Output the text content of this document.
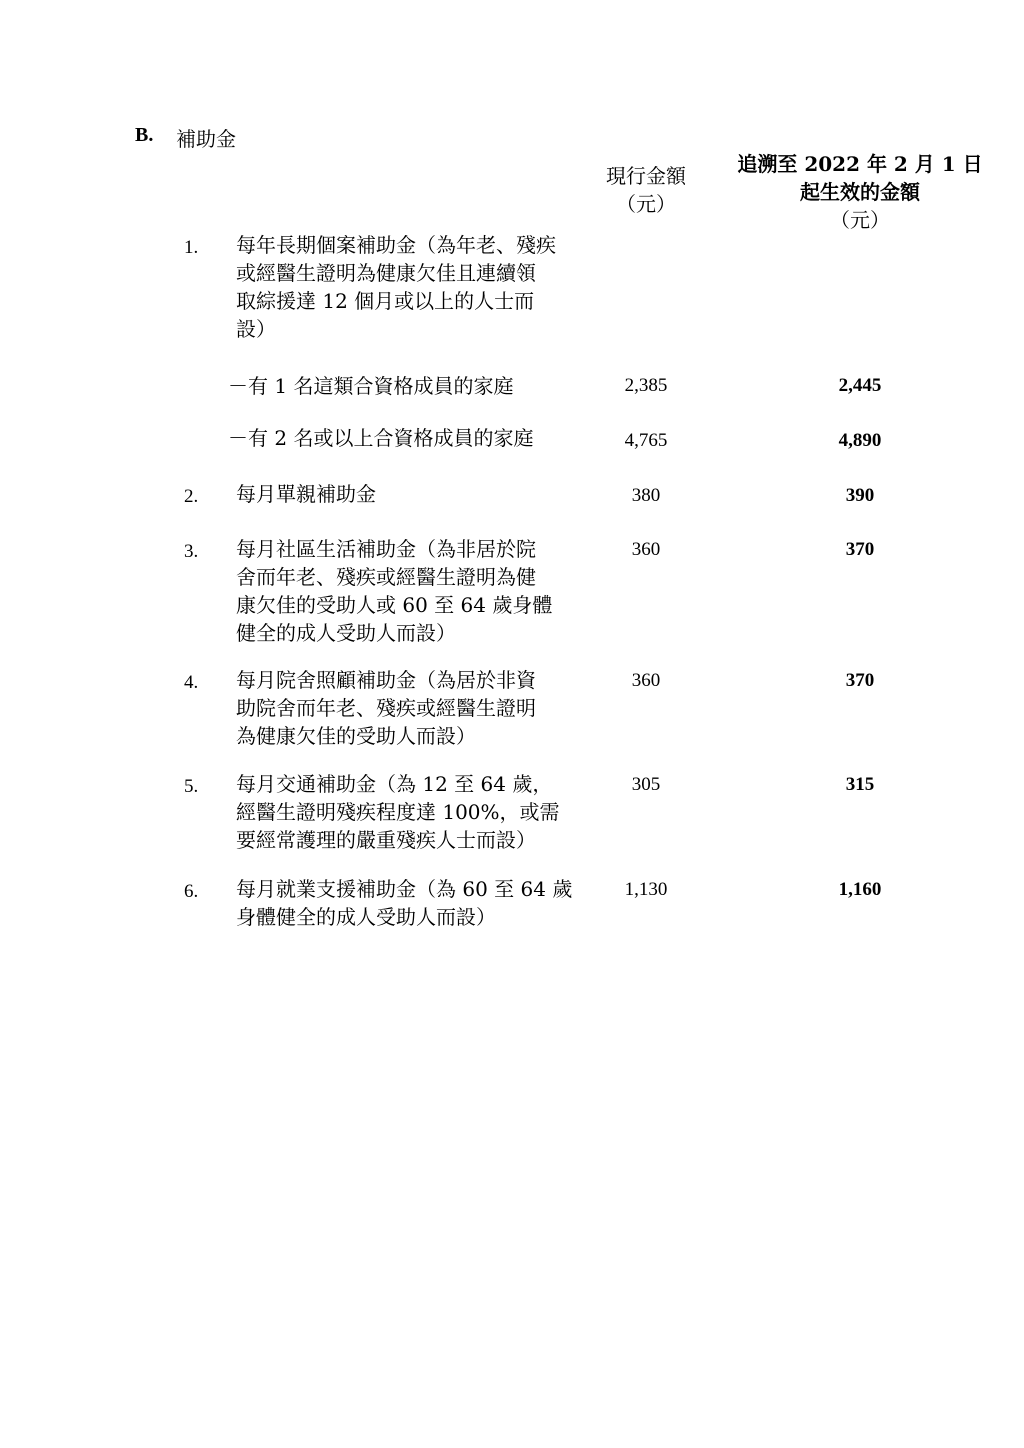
B. 補助金
現行金額
（元）
追溯至 2022 年 2 月 1 日
起生效的金額
（元）
1. 每年長期個案補助金（為年老、殘疾
或經醫生證明為健康欠佳且連續領
取綜援達 12 個月或以上的人士而
設）
－有 1 名這類合資格成員的家庭	2,385	2,445
－有 2 名或以上合資格成員的家庭	4,765	4,890
2. 每月單親補助金	380	390
3. 每月社區生活補助金（為非居於院
舍而年老、殘疾或經醫生證明為健
康欠佳的受助人或 60 至 64 歲身體
健全的成人受助人而設）
360	370
4. 每月院舍照顧補助金（為居於非資
助院舍而年老、殘疾或經醫生證明
為健康欠佳的受助人而設）
360	370
5. 每月交通補助金（為 12 至 64 歲，
經醫生證明殘疾程度達 100%，或需
要經常護理的嚴重殘疾人士而設）
305	315
6. 每月就業支援補助金（為 60 至 64 歲
身體健全的成人受助人而設）
1,130	1,160
